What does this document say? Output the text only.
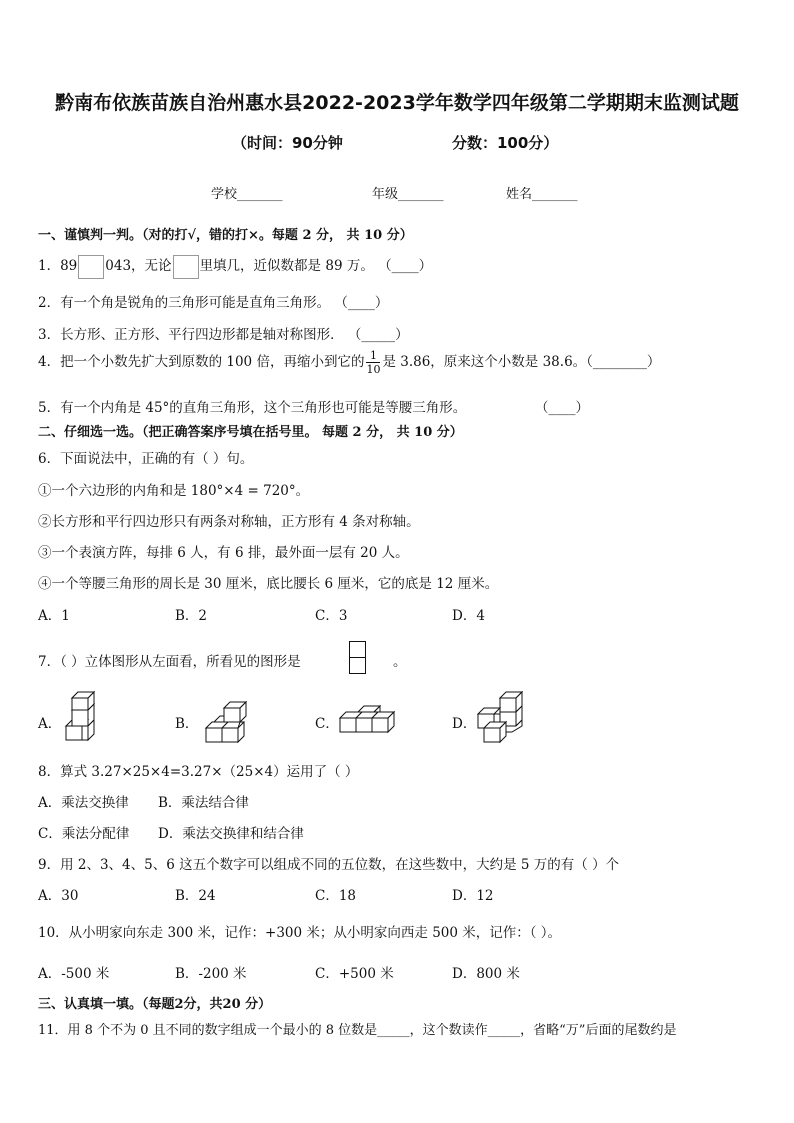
黔南布依族苗族自治州惠水县2022-2023学年数学四年级第二学期期末监测试题
（时间：90分钟	分数：100分）
学校_______	年级_______	姓名_______
一、谨慎判一判。（对的打√，错的打×。每题 2 分， 共 10 分）
1．89 043，无论 里填几，近似数都是 89 万。 （____）
2．有一个角是锐角的三角形可能是直角三角形。 （____）
3．长方形、正方形、平行四边形都是轴对称图形． （_____）
4．把一个小数先扩大到原数的 100 倍，再缩小到它的 $\frac{1}{10}$ 是 3.86，原来这个小数是 38.6。（________）
5．有一个内角是 45°的直角三角形，这个三角形也可能是等腰三角形。	（____）
二、仔细选一选。（把正确答案序号填在括号里。 每题 2 分， 共 10 分）
6．下面说法中，正确的有（ ）句。
①一个六边形的内角和是 180°×4 = 720°。
②长方形和平行四边形只有两条对称轴，正方形有 4 条对称轴。
③一个表演方阵，每排 6 人，有 6 排，最外面一层有 20 人。
④一个等腰三角形的周长是 30 厘米，底比腰长 6 厘米，它的底是 12 厘米。
A．1	B．2	C．3	D．4
7．（ ）立体图形从左面看，所看见的图形是	。
A．	B．	C．	D．
8．算式 3.27×25×4=3.27×（25×4）运用了（ ）
A．乘法交换律 B．乘法结合律
C．乘法分配律 D．乘法交换律和结合律
9．用 2、3、4、5、6 这五个数字可以组成不同的五位数，在这些数中，大约是 5 万的有（ ）个
A．30	B．24	C．18	D．12
10．从小明家向东走 300 米，记作：+300 米；从小明家向西走 500 米，记作：（ ）。
A．-500 米	B．-200 米	C．+500 米	D．800 米
三、认真填一填。（每题2分，共20 分）
11．用 8 个不为 0 且不同的数字组成一个最小的 8 位数是_____，这个数读作_____，省略“万”后面的尾数约是
